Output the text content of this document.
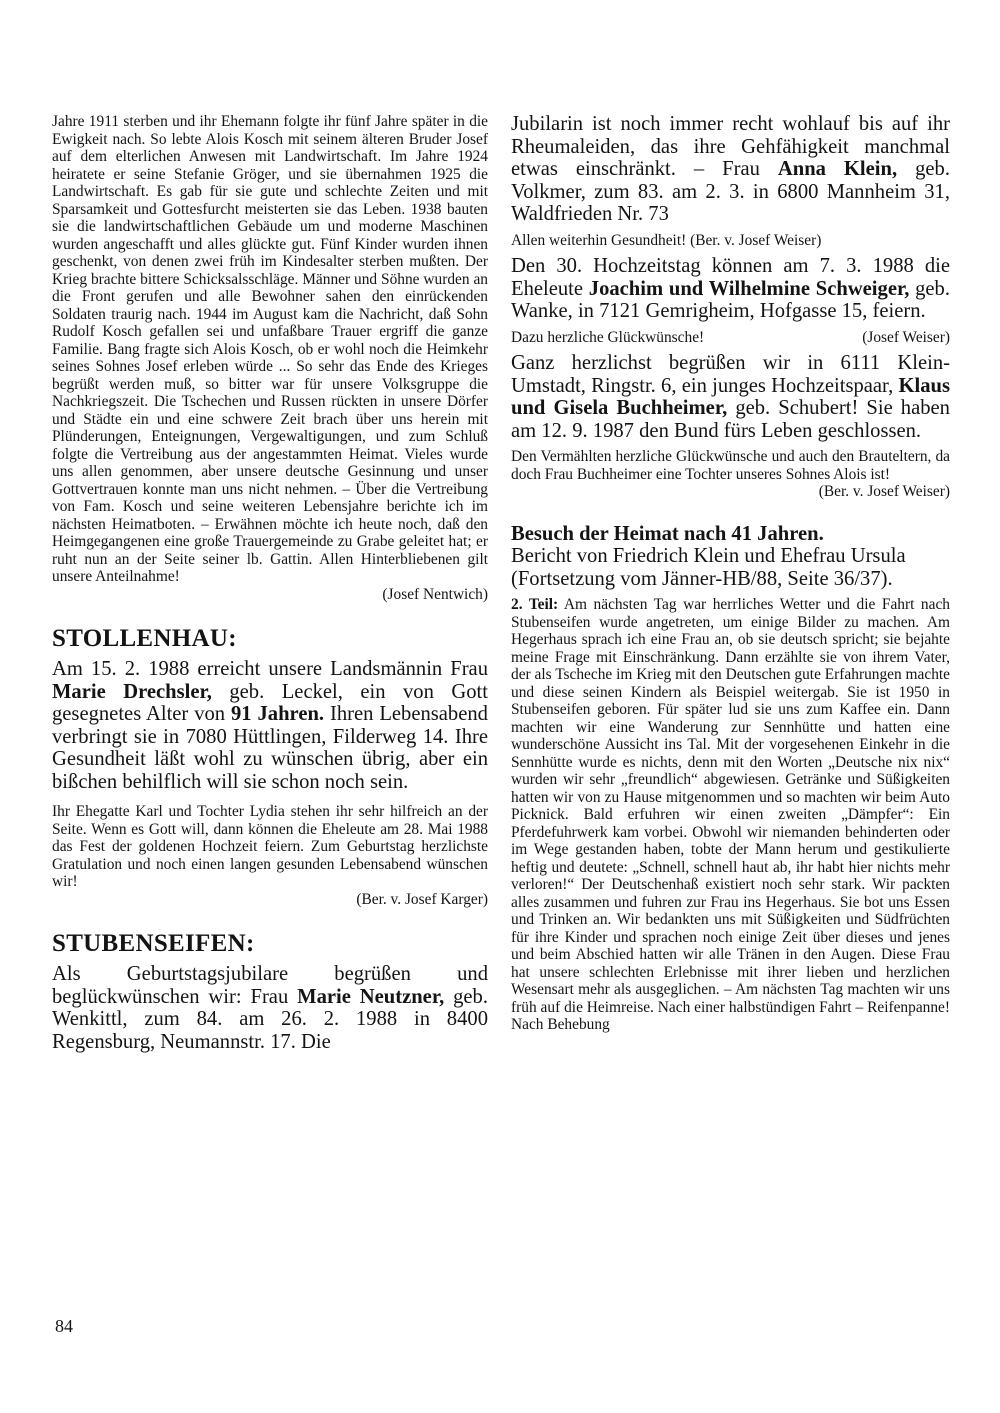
Jahre 1911 sterben und ihr Ehemann folgte ihr fünf Jahre später in die Ewigkeit nach. So lebte Alois Kosch mit seinem älteren Bruder Josef auf dem elterlichen Anwesen mit Landwirtschaft. Im Jahre 1924 heiratete er seine Stefanie Gröger, und sie übernahmen 1925 die Landwirtschaft. Es gab für sie gute und schlechte Zeiten und mit Sparsamkeit und Gottesfurcht meisterten sie das Leben. 1938 bauten sie die landwirtschaftlichen Gebäude um und moderne Maschinen wurden angeschafft und alles glückte gut. Fünf Kinder wurden ihnen geschenkt, von denen zwei früh im Kindesalter sterben mußten. Der Krieg brachte bittere Schicksalsschläge. Männer und Söhne wurden an die Front gerufen und alle Bewohner sahen den einrückenden Soldaten traurig nach. 1944 im August kam die Nachricht, daß Sohn Rudolf Kosch gefallen sei und unfaßbare Trauer ergriff die ganze Familie. Bang fragte sich Alois Kosch, ob er wohl noch die Heimkehr seines Sohnes Josef erleben würde ... So sehr das Ende des Krieges begrüßt werden muß, so bitter war für unsere Volksgruppe die Nachkriegszeit. Die Tschechen und Russen rückten in unsere Dörfer und Städte ein und eine schwere Zeit brach über uns herein mit Plünderungen, Enteignungen, Vergewaltigungen, und zum Schluß folgte die Vertreibung aus der angestammten Heimat. Vieles wurde uns allen genommen, aber unsere deutsche Gesinnung und unser Gottvertrauen konnte man uns nicht nehmen. – Über die Vertreibung von Fam. Kosch und seine weiteren Lebensjahre berichte ich im nächsten Heimatboten. – Erwähnen möchte ich heute noch, daß den Heimgegangenen eine große Trauergemeinde zu Grabe geleitet hat; er ruht nun an der Seite seiner lb. Gattin. Allen Hinterbliebenen gilt unsere Anteilnahme!

(Josef Nentwich)

STOLLENHAU:

Am 15. 2. 1988 erreicht unsere Landsmännin Frau Marie Drechsler, geb. Leckel, ein von Gott gesegnetes Alter von 91 Jahren. Ihren Lebensabend verbringt sie in 7080 Hüttlingen, Filderweg 14. Ihre Gesundheit läßt wohl zu wünschen übrig, aber ein bißchen behilflich will sie schon noch sein.

Ihr Ehegatte Karl und Tochter Lydia stehen ihr sehr hilfreich an der Seite. Wenn es Gott will, dann können die Eheleute am 28. Mai 1988 das Fest der goldenen Hochzeit feiern. Zum Geburtstag herzlichste Gratulation und noch einen langen gesunden Lebensabend wünschen wir!

(Ber. v. Josef Karger)

STUBENSEIFEN:

Als Geburtstagsjubilare begrüßen und beglückwünschen wir: Frau Marie Neutzner, geb. Wenkittl, zum 84. am 26. 2. 1988 in 8400 Regensburg, Neumannstr. 17. Die

Jubilarin ist noch immer recht wohlauf bis auf ihr Rheumaleiden, das ihre Gehfähigkeit manchmal etwas einschränkt. – Frau Anna Klein, geb. Volkmer, zum 83. am 2. 3. in 6800 Mannheim 31, Waldfrieden Nr. 73

Allen weiterhin Gesundheit! (Ber. v. Josef Weiser)

Den 30. Hochzeitstag können am 7. 3. 1988 die Eheleute Joachim und Wilhelmine Schweiger, geb. Wanke, in 7121 Gemrigheim, Hofgasse 15, feiern.

Dazu herzliche Glückwünsche!	(Josef Weiser)

Ganz herzlichst begrüßen wir in 6111 Klein-Umstadt, Ringstr. 6, ein junges Hochzeitspaar, Klaus und Gisela Buchheimer, geb. Schubert! Sie haben am 12. 9. 1987 den Bund fürs Leben geschlossen.

Den Vermählten herzliche Glückwünsche und auch den Brauteltern, da doch Frau Buchheimer eine Tochter unseres Sohnes Alois ist!

(Ber. v. Josef Weiser)

Besuch der Heimat nach 41 Jahren.

Bericht von Friedrich Klein und Ehefrau Ursula (Fortsetzung vom Jänner-HB/88, Seite 36/37).

2. Teil: Am nächsten Tag war herrliches Wetter und die Fahrt nach Stubenseifen wurde angetreten, um einige Bilder zu machen. Am Hegerhaus sprach ich eine Frau an, ob sie deutsch spricht; sie bejahte meine Frage mit Einschränkung. Dann erzählte sie von ihrem Vater, der als Tscheche im Krieg mit den Deutschen gute Erfahrungen machte und diese seinen Kindern als Beispiel weitergab. Sie ist 1950 in Stubenseifen geboren. Für später lud sie uns zum Kaffee ein. Dann machten wir eine Wanderung zur Sennhütte und hatten eine wunderschöne Aussicht ins Tal. Mit der vorgesehenen Einkehr in die Sennhütte wurde es nichts, denn mit den Worten „Deutsche nix nix“ wurden wir sehr „freundlich“ abgewiesen. Getränke und Süßigkeiten hatten wir von zu Hause mitgenommen und so machten wir beim Auto Picknick. Bald erfuhren wir einen zweiten „Dämpfer“: Ein Pferdefuhrwerk kam vorbei. Obwohl wir niemanden behinderten oder im Wege gestanden haben, tobte der Mann herum und gestikulierte heftig und deutete: „Schnell, schnell haut ab, ihr habt hier nichts mehr verloren!“ Der Deutschenhaß existiert noch sehr stark. Wir packten alles zusammen und fuhren zur Frau ins Hegerhaus. Sie bot uns Essen und Trinken an. Wir bedankten uns mit Süßigkeiten und Südfrüchten für ihre Kinder und sprachen noch einige Zeit über dieses und jenes und beim Abschied hatten wir alle Tränen in den Augen. Diese Frau hat unsere schlechten Erlebnisse mit ihrer lieben und herzlichen Wesensart mehr als ausgeglichen. – Am nächsten Tag machten wir uns früh auf die Heimreise. Nach einer halbstündigen Fahrt – Reifenpanne! Nach Behebung

84
